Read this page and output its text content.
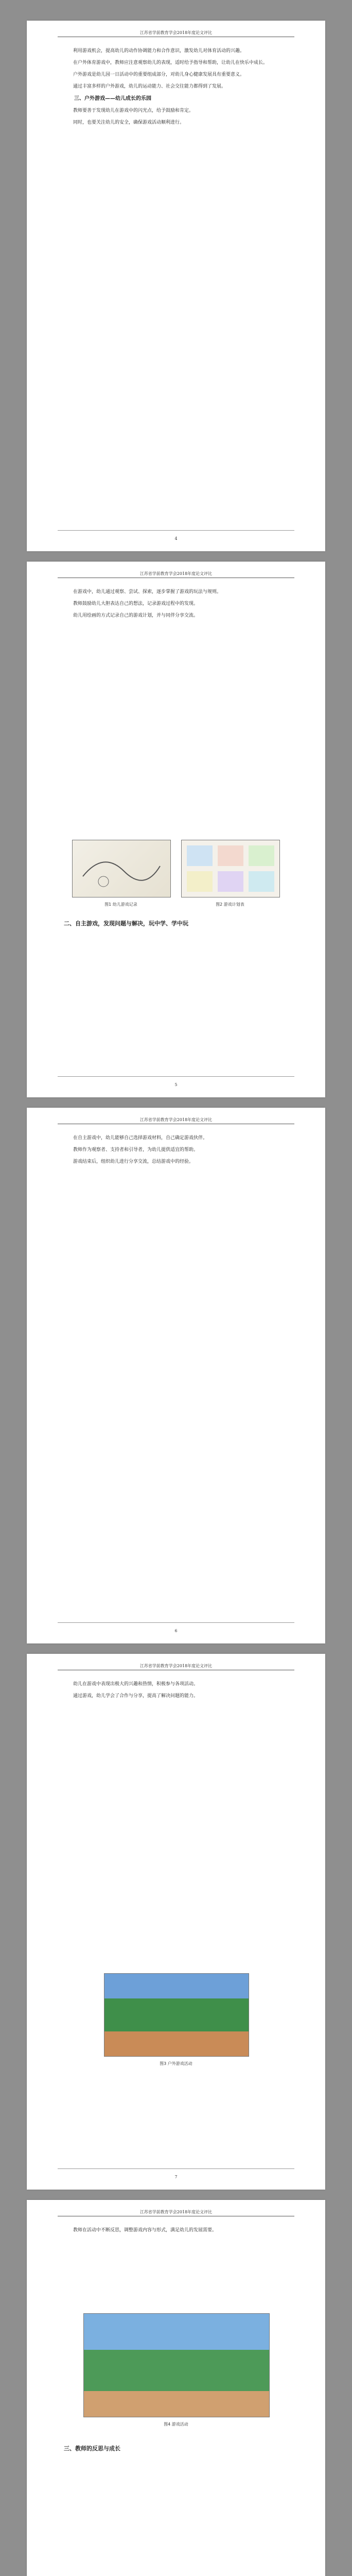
江苏省学前教育学会2018年度论文评比

利用游戏机会，提高幼儿的动作协调能力和合作意识，激发幼儿对体育活动的兴趣。

在户外体育游戏中，教师应注意观察幼儿的表现，适时给予指导和帮助，让幼儿在快乐中成长。

户外游戏是幼儿园一日活动中的重要组成部分，对幼儿身心健康发展具有重要意义。

通过丰富多样的户外游戏，幼儿的运动能力、社会交往能力都得到了发展。

三、户外游戏——幼儿成长的乐园

教师要善于发现幼儿在游戏中的闪光点，给予鼓励和肯定。

同时，也要关注幼儿的安全，确保游戏活动顺利进行。

4
江苏省学前教育学会2018年度论文评比

在游戏中，幼儿通过观察、尝试、探索，逐步掌握了游戏的玩法与规则。

教师鼓励幼儿大胆表达自己的想法，记录游戏过程中的发现。

幼儿用绘画的方式记录自己的游戏计划，并与同伴分享交流。

图1 幼儿游戏记录	图2 游戏计划表
二、自主游戏，发现问题与解决，玩中学、学中玩
5
江苏省学前教育学会2018年度论文评比

在自主游戏中，幼儿能够自己选择游戏材料，自己确定游戏伙伴。

教师作为观察者、支持者和引导者，为幼儿提供适宜的帮助。

游戏结束后，组织幼儿进行分享交流，总结游戏中的经验。

6
江苏省学前教育学会2018年度论文评比

幼儿在游戏中表现出极大的兴趣和热情，积极参与各项活动。

通过游戏，幼儿学会了合作与分享，提高了解决问题的能力。

图3 户外游戏活动
7
江苏省学前教育学会2018年度论文评比

教师在活动中不断反思，调整游戏内容与形式，满足幼儿的发展需要。

图4 游戏活动
三、教师的反思与成长
